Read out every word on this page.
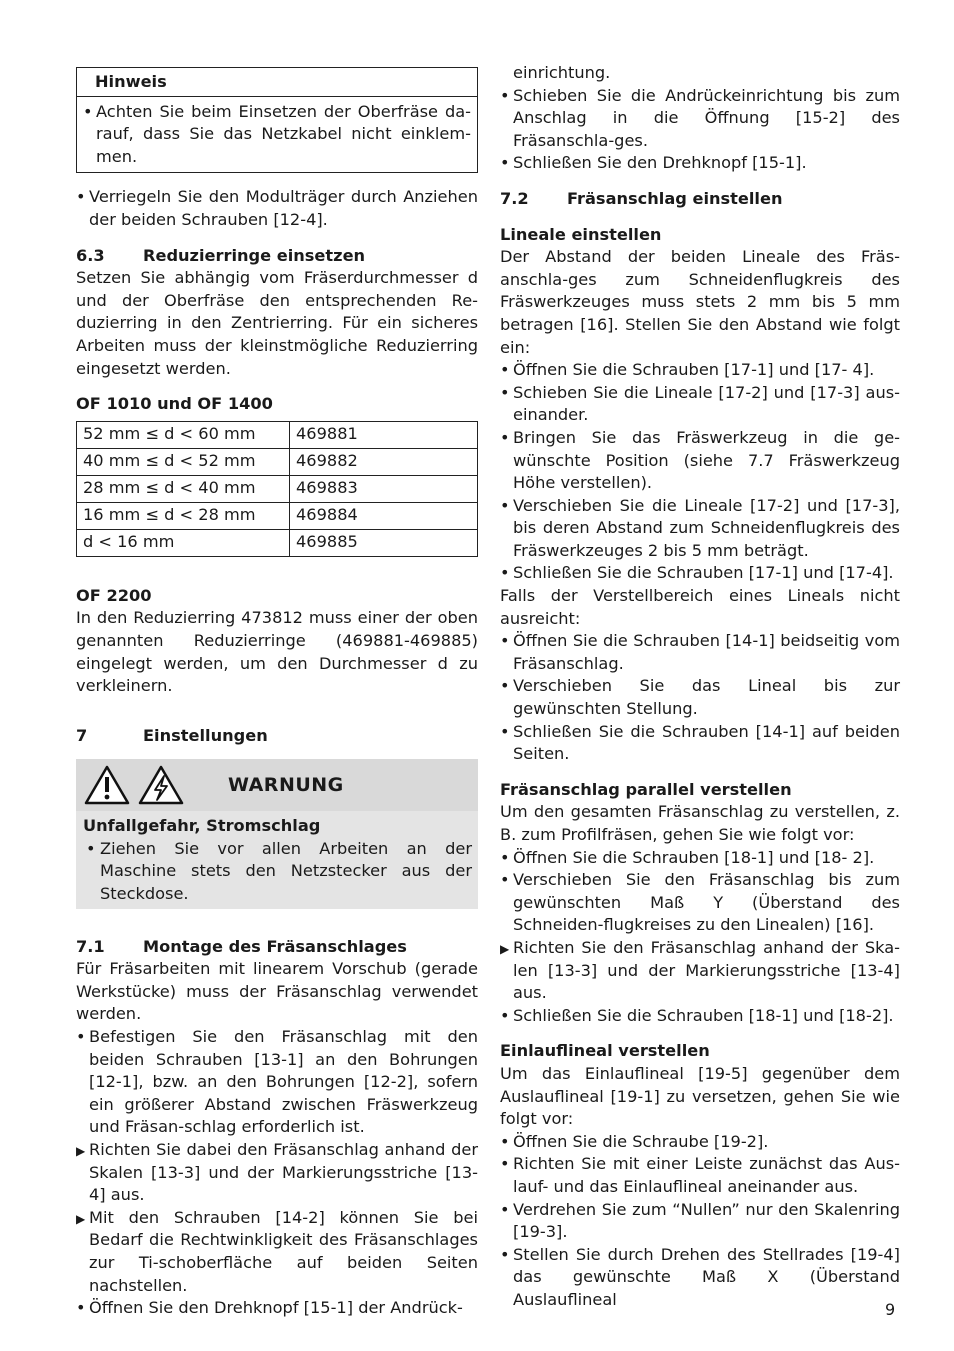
Hinweis
• Achten Sie beim Einsetzen der Oberfräse da-rauf, dass Sie das Netzkabel nicht einklem-men.
• Verriegeln Sie den Modulträger durch Anziehen der beiden Schrauben [12-4].
6.3	Reduzierringe einsetzen

Setzen Sie abhängig vom Fräserdurchmesser d und der Oberfräse den entsprechenden Re-duzierring in den Zentrierring. Für ein sicheres Arbeiten muss der kleinstmögliche Reduzierring eingesetzt werden.

OF 1010 und OF 1400

52 mm ≤ d < 60 mm	469881
40 mm ≤ d < 52 mm	469882
28 mm ≤ d < 40 mm	469883
16 mm ≤ d < 28 mm	469884
d < 16 mm	469885

OF 2200

In den Reduzierring 473812 muss einer der oben genannten Reduzierringe (469881-469885) eingelegt werden, um den Durchmesser d zu verkleinern.

7	Einstellungen
WARNUNG

Unfallgefahr, Stromschlag

• Ziehen Sie vor allen Arbeiten an der Maschine stets den Netzstecker aus der Steckdose.
7.1	Montage des Fräsanschlages

Für Fräsarbeiten mit linearem Vorschub (gerade Werkstücke) muss der Fräsanschlag verwendet werden.

• Befestigen Sie den Fräsanschlag mit den beiden Schrauben [13-1] an den Bohrungen [12-1], bzw. an den Bohrungen [12-2], sofern ein größerer Abstand zwischen Fräswerkzeug und Fräsan-schlag erforderlich ist.
▶ Richten Sie dabei den Fräsanschlag anhand der Skalen [13-3] und der Markierungsstriche [13-4] aus.
▶ Mit den Schrauben [14-2] können Sie bei Bedarf die Rechtwinkligkeit des Fräsanschlages zur Ti-schoberfläche auf beiden Seiten nachstellen.
• Öffnen Sie den Drehknopf [15-1] der Andrück-
einrichtung.
• Schieben Sie die Andrückeinrichtung bis zum Anschlag in die Öffnung [15-2] des Fräsanschla-ges.
• Schließen Sie den Drehknopf [15-1].
7.2	Fräsanschlag einstellen

Lineale einstellen

Der Abstand der beiden Lineale des Fräs-anschla-ges zum Schneidenflugkreis des Fräswerkzeuges muss stets 2 mm bis 5 mm betragen [16]. Stellen Sie den Abstand wie folgt ein:

• Öffnen Sie die Schrauben [17-1] und [17- 4].
• Schieben Sie die Lineale [17-2] und [17-3] aus-einander.
• Bringen Sie das Fräswerkzeug in die ge-wünschte Position (siehe 7.7 Fräswerkzeug Höhe verstellen).
• Verschieben Sie die Lineale [17-2] und [17-3], bis deren Abstand zum Schneidenflugkreis des Fräswerkzeuges 2 bis 5 mm beträgt.
• Schließen Sie die Schrauben [17-1] und [17-4].

Falls der Verstellbereich eines Lineals nicht ausreicht:

• Öffnen Sie die Schrauben [14-1] beidseitig vom Fräsanschlag.
• Verschieben Sie das Lineal bis zur gewünschten Stellung.
• Schließen Sie die Schrauben [14-1] auf beiden Seiten.

Fräsanschlag parallel verstellen

Um den gesamten Fräsanschlag zu verstellen, z. B. zum Profilfräsen, gehen Sie wie folgt vor:

• Öffnen Sie die Schrauben [18-1] und [18- 2].
• Verschieben Sie den Fräsanschlag bis zum gewünschten Maß Y (Überstand des Schneiden-flugkreises zu den Linealen) [16].
▶ Richten Sie den Fräsanschlag anhand der Ska-len [13-3] und der Markierungsstriche [13-4] aus.
• Schließen Sie die Schrauben [18-1] und [18-2].

Einlauflineal verstellen

Um das Einlauflineal [19-5] gegenüber dem Auslauflineal [19-1] zu versetzen, gehen Sie wie folgt vor:

• Öffnen Sie die Schraube [19-2].
• Richten Sie mit einer Leiste zunächst das Aus-lauf- und das Einlauflineal aneinander aus.
• Verdrehen Sie zum “Nullen” nur den Skalenring [19-3].
• Stellen Sie durch Drehen des Stellrades [19-4] das gewünschte Maß X (Überstand Auslauflineal
9
